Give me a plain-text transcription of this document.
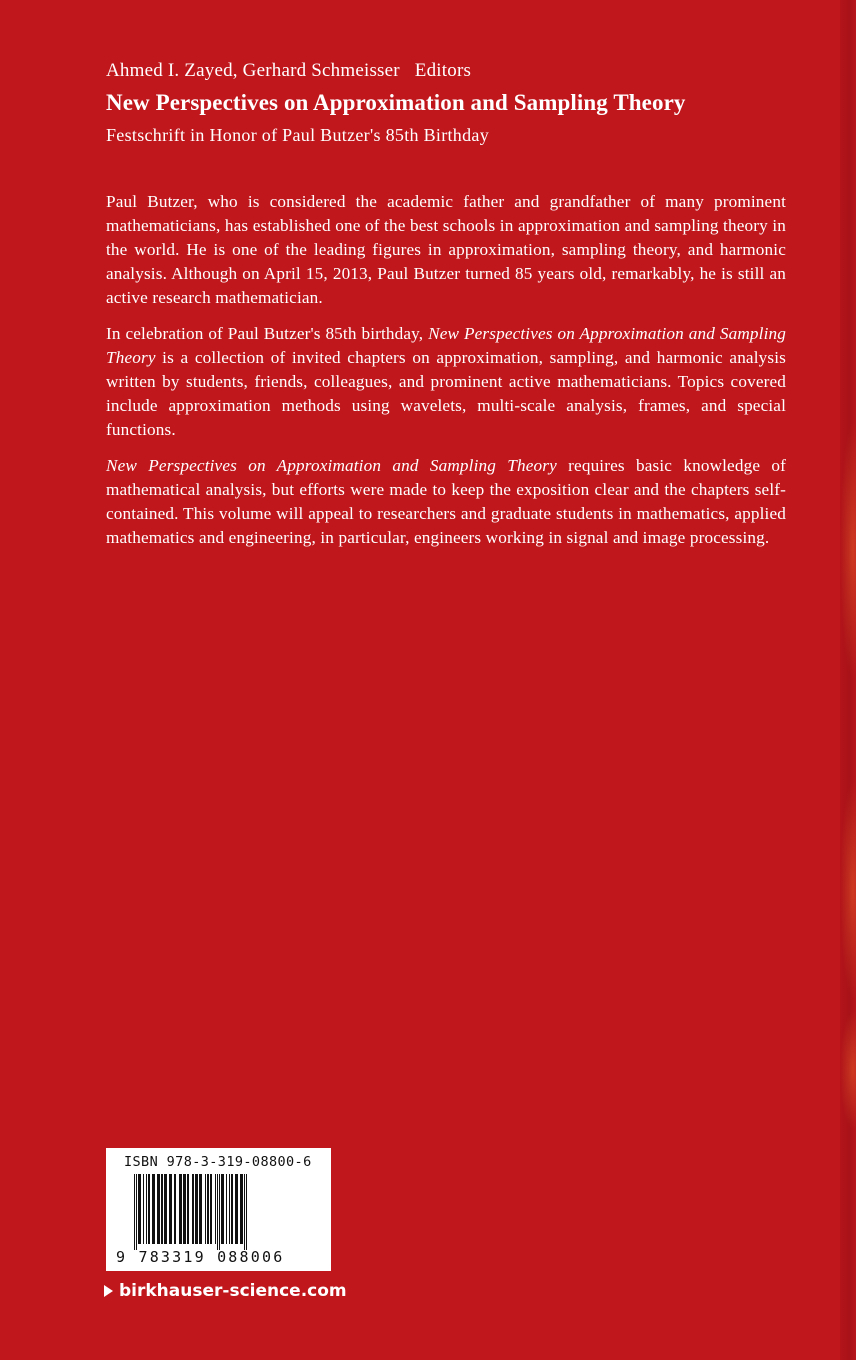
Ahmed I. Zayed, Gerhard Schmeisser Editors
New Perspectives on Approximation and Sampling Theory
Festschrift in Honor of Paul Butzer's 85th Birthday

Paul Butzer, who is considered the academic father and grandfather of many prominent mathematicians, has established one of the best schools in approximation and sampling theory in the world. He is one of the leading figures in approximation, sampling theory, and harmonic analysis. Although on April 15, 2013, Paul Butzer turned 85 years old, remarkably, he is still an active research mathematician.

In celebration of Paul Butzer's 85th birthday, New Perspectives on Approximation and Sampling Theory is a collection of invited chapters on approximation, sampling, and harmonic analysis written by students, friends, colleagues, and prominent active mathematicians. Topics covered include approximation methods using wavelets, multi-scale analysis, frames, and special functions.

New Perspectives on Approximation and Sampling Theory requires basic knowledge of mathematical analysis, but efforts were made to keep the exposition clear and the chapters self-contained. This volume will appeal to researchers and graduate students in mathematics, applied mathematics and engineering, in particular, engineers working in signal and image processing.

ISBN 978-3-319-08800-6
9 783319 088006
birkhauser-science.com
